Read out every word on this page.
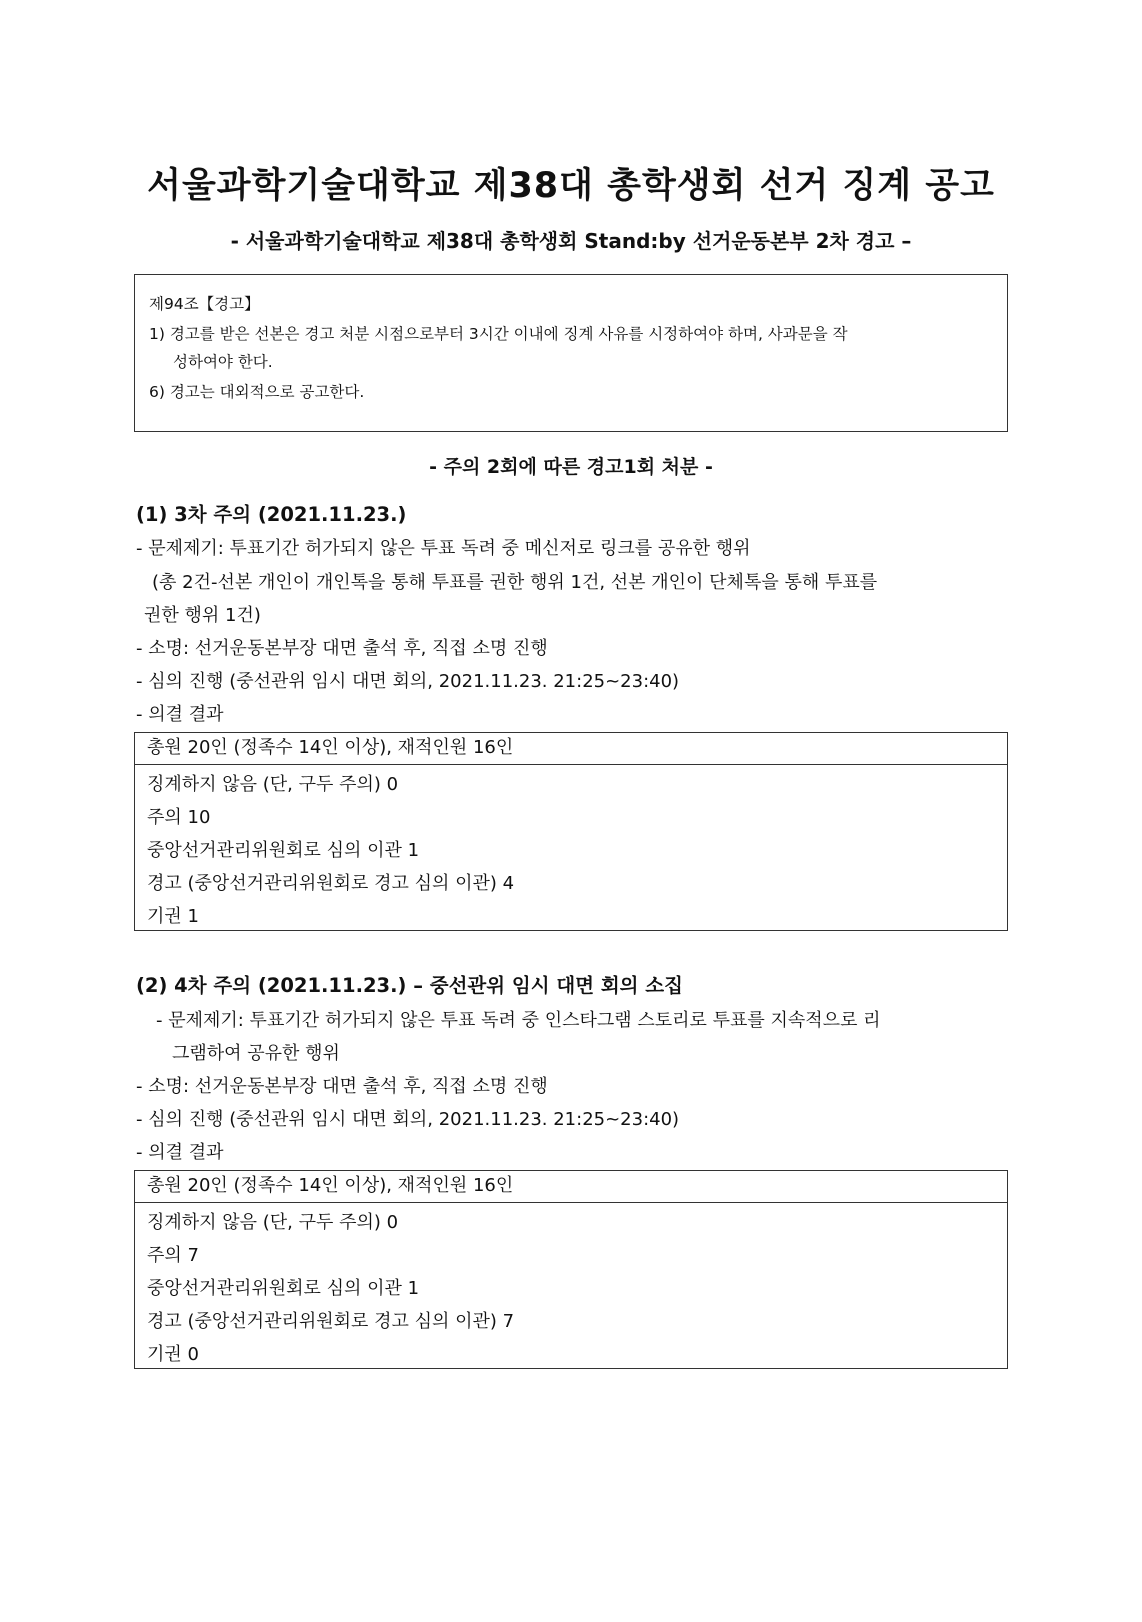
서울과학기술대학교 제38대 총학생회 선거 징계 공고
- 서울과학기술대학교 제38대 총학생회 Stand:by 선거운동본부 2차 경고 –
제94조【경고】
1) 경고를 받은 선본은 경고 처분 시점으로부터 3시간 이내에 징계 사유를 시정하여야 하며, 사과문을 작
성하여야 한다.
6) 경고는 대외적으로 공고한다.
- 주의 2회에 따른 경고1회 처분 -
(1) 3차 주의 (2021.11.23.)
- 문제제기: 투표기간 허가되지 않은 투표 독려 중 메신저로 링크를 공유한 행위
(총 2건-선본 개인이 개인톡을 통해 투표를 권한 행위 1건, 선본 개인이 단체톡을 통해 투표를
권한 행위 1건)
- 소명: 선거운동본부장 대면 출석 후, 직접 소명 진행
- 심의 진행 (중선관위 임시 대면 회의, 2021.11.23. 21:25~23:40)
- 의결 결과
총원 20인 (정족수 14인 이상), 재적인원 16인
징계하지 않음 (단, 구두 주의) 0
주의 10
중앙선거관리위원회로 심의 이관 1
경고 (중앙선거관리위원회로 경고 심의 이관) 4
기권 1
(2) 4차 주의 (2021.11.23.) – 중선관위 임시 대면 회의 소집
- 문제제기: 투표기간 허가되지 않은 투표 독려 중 인스타그램 스토리로 투표를 지속적으로 리
그램하여 공유한 행위
- 소명: 선거운동본부장 대면 출석 후, 직접 소명 진행
- 심의 진행 (중선관위 임시 대면 회의, 2021.11.23. 21:25~23:40)
- 의결 결과
총원 20인 (정족수 14인 이상), 재적인원 16인
징계하지 않음 (단, 구두 주의) 0
주의 7
중앙선거관리위원회로 심의 이관 1
경고 (중앙선거관리위원회로 경고 심의 이관) 7
기권 0
